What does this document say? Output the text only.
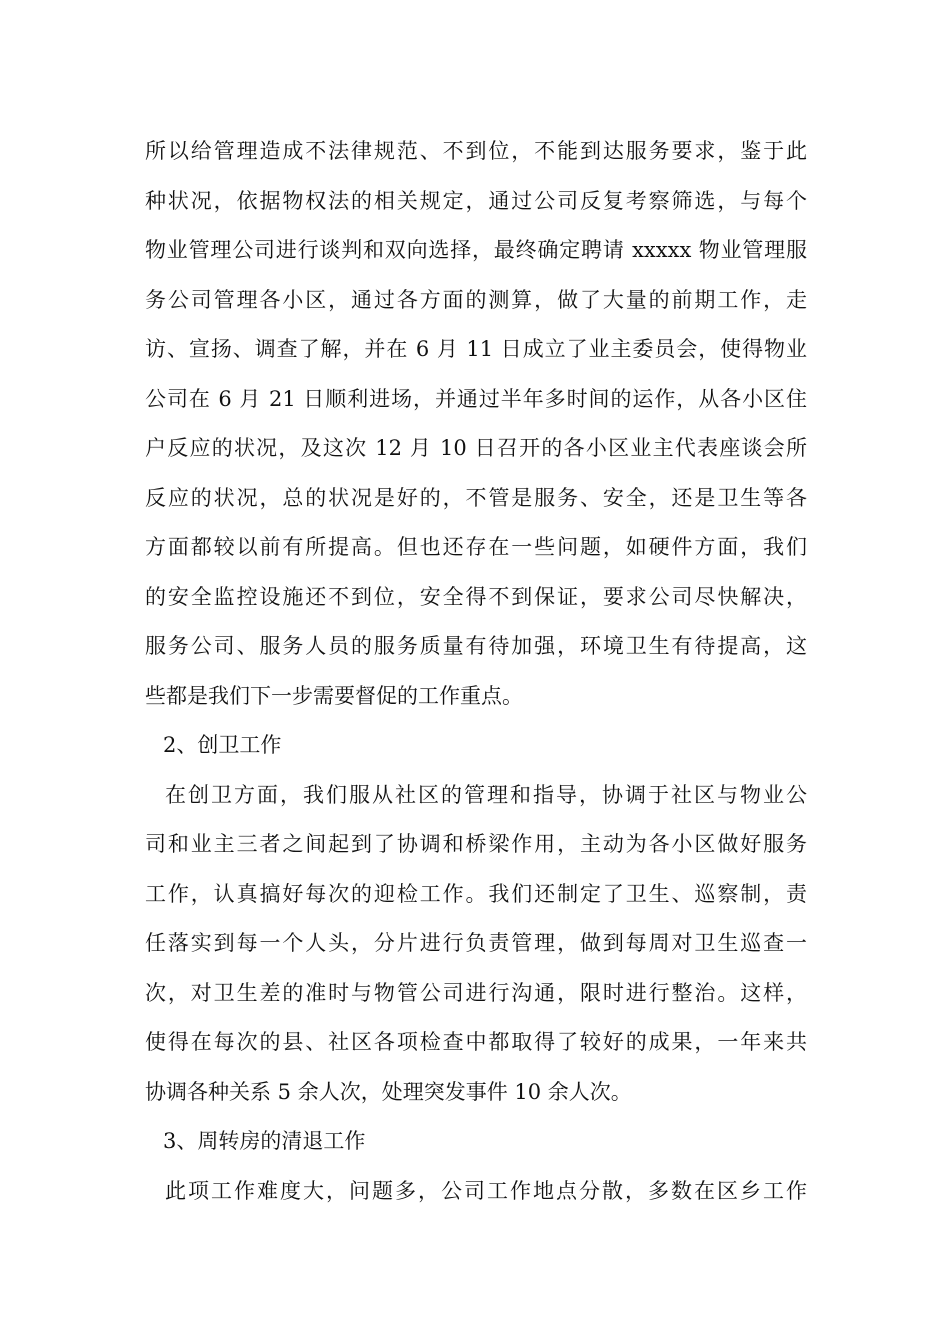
所以给管理造成不法律规范、不到位，不能到达服务要求，鉴于此
种状况，依据物权法的相关规定，通过公司反复考察筛选，与每个
物业管理公司进行谈判和双向选择，最终确定聘请 xxxxx 物业管理服
务公司管理各小区，通过各方面的测算，做了大量的前期工作，走
访、宣扬、调查了解，并在 6 月 11 日成立了业主委员会，使得物业
公司在 6 月 21 日顺利进场，并通过半年多时间的运作，从各小区住
户反应的状况，及这次 12 月 10 日召开的各小区业主代表座谈会所
反应的状况，总的状况是好的，不管是服务、安全，还是卫生等各
方面都较以前有所提高。但也还存在一些问题，如硬件方面，我们
的安全监控设施还不到位，安全得不到保证，要求公司尽快解决，
服务公司、服务人员的服务质量有待加强，环境卫生有待提高，这
些都是我们下一步需要督促的工作重点。
2、创卫工作
在创卫方面，我们服从社区的管理和指导，协调于社区与物业公
司和业主三者之间起到了协调和桥梁作用，主动为各小区做好服务
工作，认真搞好每次的迎检工作。我们还制定了卫生、巡察制，责
任落实到每一个人头，分片进行负责管理，做到每周对卫生巡查一
次，对卫生差的准时与物管公司进行沟通，限时进行整治。这样，
使得在每次的县、社区各项检查中都取得了较好的成果，一年来共
协调各种关系 5 余人次，处理突发事件 10 余人次。
3、周转房的清退工作
此项工作难度大，问题多，公司工作地点分散，多数在区乡工作
